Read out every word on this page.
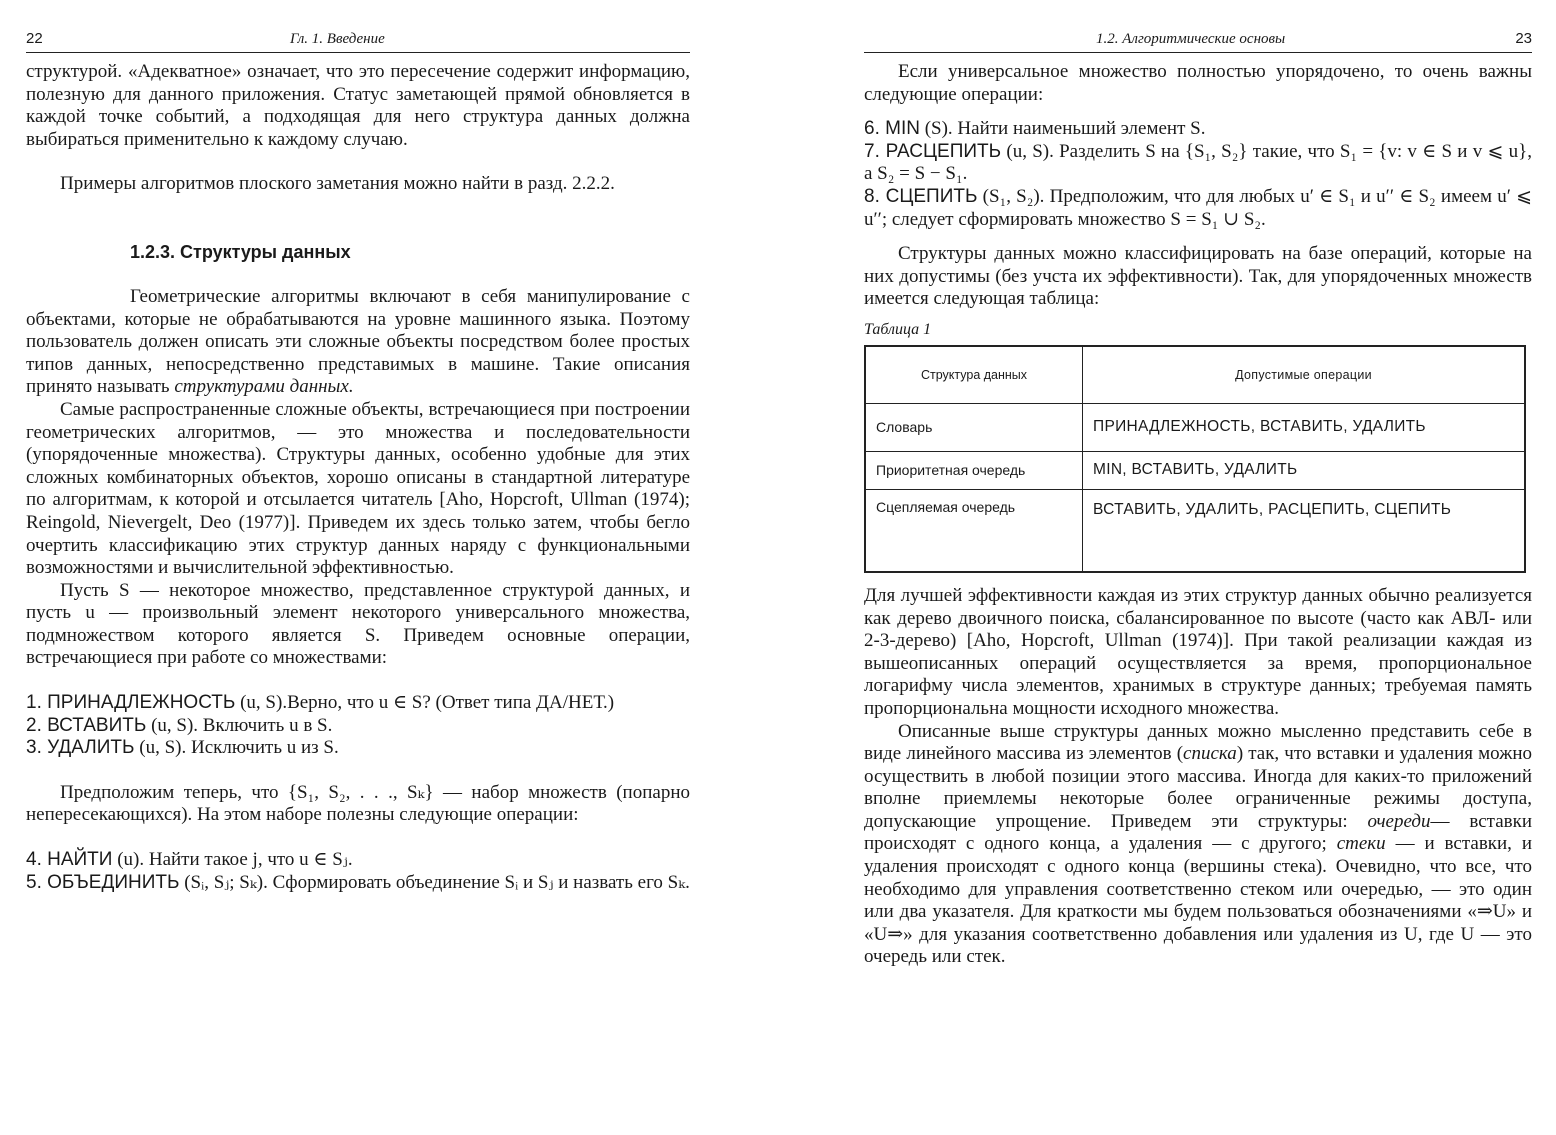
22	Гл. 1. Введение

структурой. «Адекватное» означает, что это пересечение содержит информацию, полезную для данного приложения. Статус заметающей прямой обновляется в каждой точке событий, а подходящая для него структура данных должна выбираться применительно к каждому случаю.

Примеры алгоритмов плоского заметания можно найти в разд. 2.2.2.

1.2.3. Структуры данных

Геометрические алгоритмы включают в себя манипулирование с объектами, которые не обрабатываются на уровне машинного языка. Поэтому пользователь должен описать эти сложные объекты посредством более простых типов данных, непосредственно представимых в машине. Такие описания принято называть структурами данных.

Самые распространенные сложные объекты, встречающиеся при построении геометрических алгоритмов, — это множества и последовательности (упорядоченные множества). Структуры данных, особенно удобные для этих сложных комбинаторных объектов, хорошо описаны в стандартной литературе по алгоритмам, к которой и отсылается читатель [Aho, Hopcroft, Ullman (1974); Reingold, Nievergelt, Deo (1977)]. Приведем их здесь только затем, чтобы бегло очертить классификацию этих структур данных наряду с функциональными возможностями и вычислительной эффективностью.

Пусть S — некоторое множество, представленное структурой данных, и пусть u — произвольный элемент некоторого универсального множества, подмножеством которого является S. Приведем основные операции, встречающиеся при работе со множествами:

1. ПРИНАДЛЕЖНОСТЬ (u, S).Верно, что u ∈ S? (Ответ типа ДА/НЕТ.)

2. ВСТАВИТЬ (u, S). Включить u в S.

3. УДАЛИТЬ (u, S). Исключить u из S.

Предположим теперь, что {S₁, S₂, . . ., Sₖ} — набор множеств (попарно непересекающихся). На этом наборе полезны следующие операции:

4. НАЙТИ (u). Найти такое j, что u ∈ Sⱼ.

5. ОБЪЕДИНИТЬ (Sᵢ, Sⱼ; Sₖ). Сформировать объединение Sᵢ и Sⱼ и назвать его Sₖ.

1.2. Алгоритмические основы	23

Если универсальное множество полностью упорядочено, то очень важны следующие операции:

6. MIN (S). Найти наименьший элемент S.

7. РАСЦЕПИТЬ (u, S). Разделить S на {S₁, S₂} такие, что S₁ = {v: v ∈ S и v ⩽ u}, а S₂ = S − S₁.

8. СЦЕПИТЬ (S₁, S₂). Предположим, что для любых u′ ∈ S₁ и u′′ ∈ S₂ имеем u′ ⩽ u′′; следует сформировать множество S = S₁ ∪ S₂.

Структуры данных можно классифицировать на базе операций, которые на них допустимы (без учста их эффективности). Так, для упорядоченных множеств имеется следующая таблица:

Таблица 1
Структура данных	Допустимые операции
Словарь	ПРИНАДЛЕЖНОСТЬ, ВСТАВИТЬ, УДАЛИТЬ
Приоритетная очередь	MIN, ВСТАВИТЬ, УДАЛИТЬ
Сцепляемая очередь	ВСТАВИТЬ, УДАЛИТЬ, РАСЦЕПИТЬ, СЦЕПИТЬ

Для лучшей эффективности каждая из этих структур данных обычно реализуется как дерево двоичного поиска, сбалансированное по высоте (часто как АВЛ- или 2-3-дерево) [Aho, Hopcroft, Ullman (1974)]. При такой реализации каждая из вышеописанных операций осуществляется за время, пропорциональное логарифму числа элементов, хранимых в структуре данных; требуемая память пропорциональна мощности исходного множества.

Описанные выше структуры данных можно мысленно представить себе в виде линейного массива из элементов (списка) так, что вставки и удаления можно осуществить в любой позиции этого массива. Иногда для каких-то приложений вполне приемлемы некоторые более ограниченные режимы доступа, допускающие упрощение. Приведем эти структуры: очереди— вставки происходят с одного конца, а удаления — с другого; стеки — и вставки, и удаления происходят с одного конца (вершины стека). Очевидно, что все, что необходимо для управления соответственно стеком или очередью, — это один или два указателя. Для краткости мы будем пользоваться обозначениями «⇒U» и «U⇒» для указания соответственно добавления или удаления из U, где U — это очередь или стек.
